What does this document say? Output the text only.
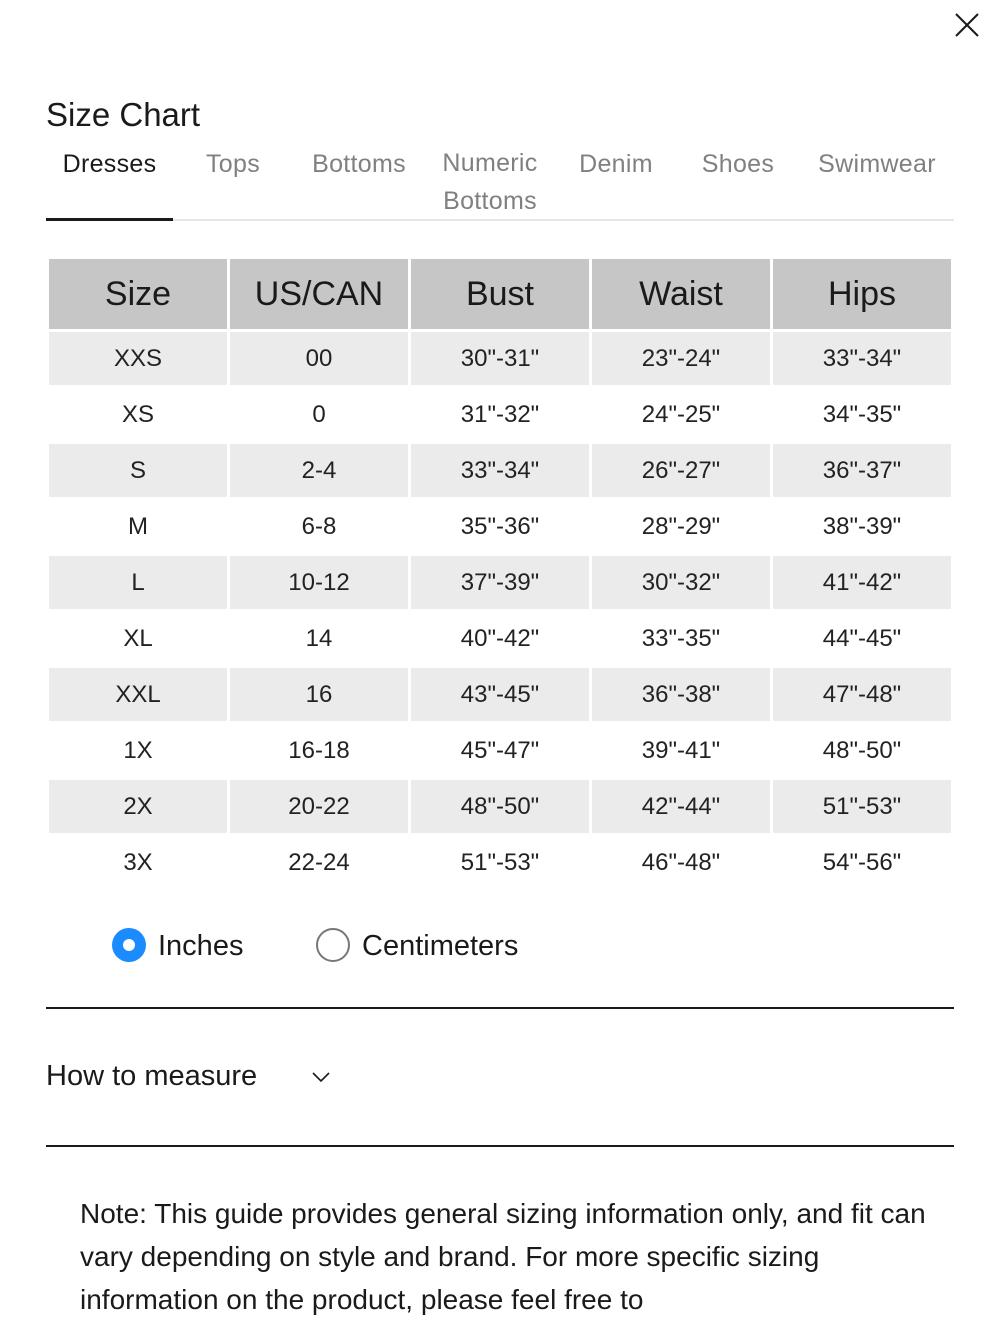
Size Chart
Dresses	Tops	Bottoms	Numeric
Bottoms
Denim Shoes Swimwear
Size	US/CAN	Bust	Waist	Hips
XXS	00	30"-31"	23"-24"	33"-34"
XS	0	31"-32"	24"-25"	34"-35"
S	2-4	33"-34"	26"-27"	36"-37"
M	6-8	35"-36"	28"-29"	38"-39"
L	10-12	37"-39"	30"-32"	41"-42"
XL	14	40"-42"	33"-35"	44"-45"
XXL	16	43"-45"	36"-38"	47"-48"
1X	16-18	45"-47"	39"-41"	48"-50"
2X	20-22	48"-50"	42"-44"	51"-53"
3X	22-24	51"-53"	46"-48"	54"-56"
Inches	Centimeters
How to measure

Note: This guide provides general sizing information only, and fit can vary depending on style and brand. For more specific sizing information on the product, please feel free to
